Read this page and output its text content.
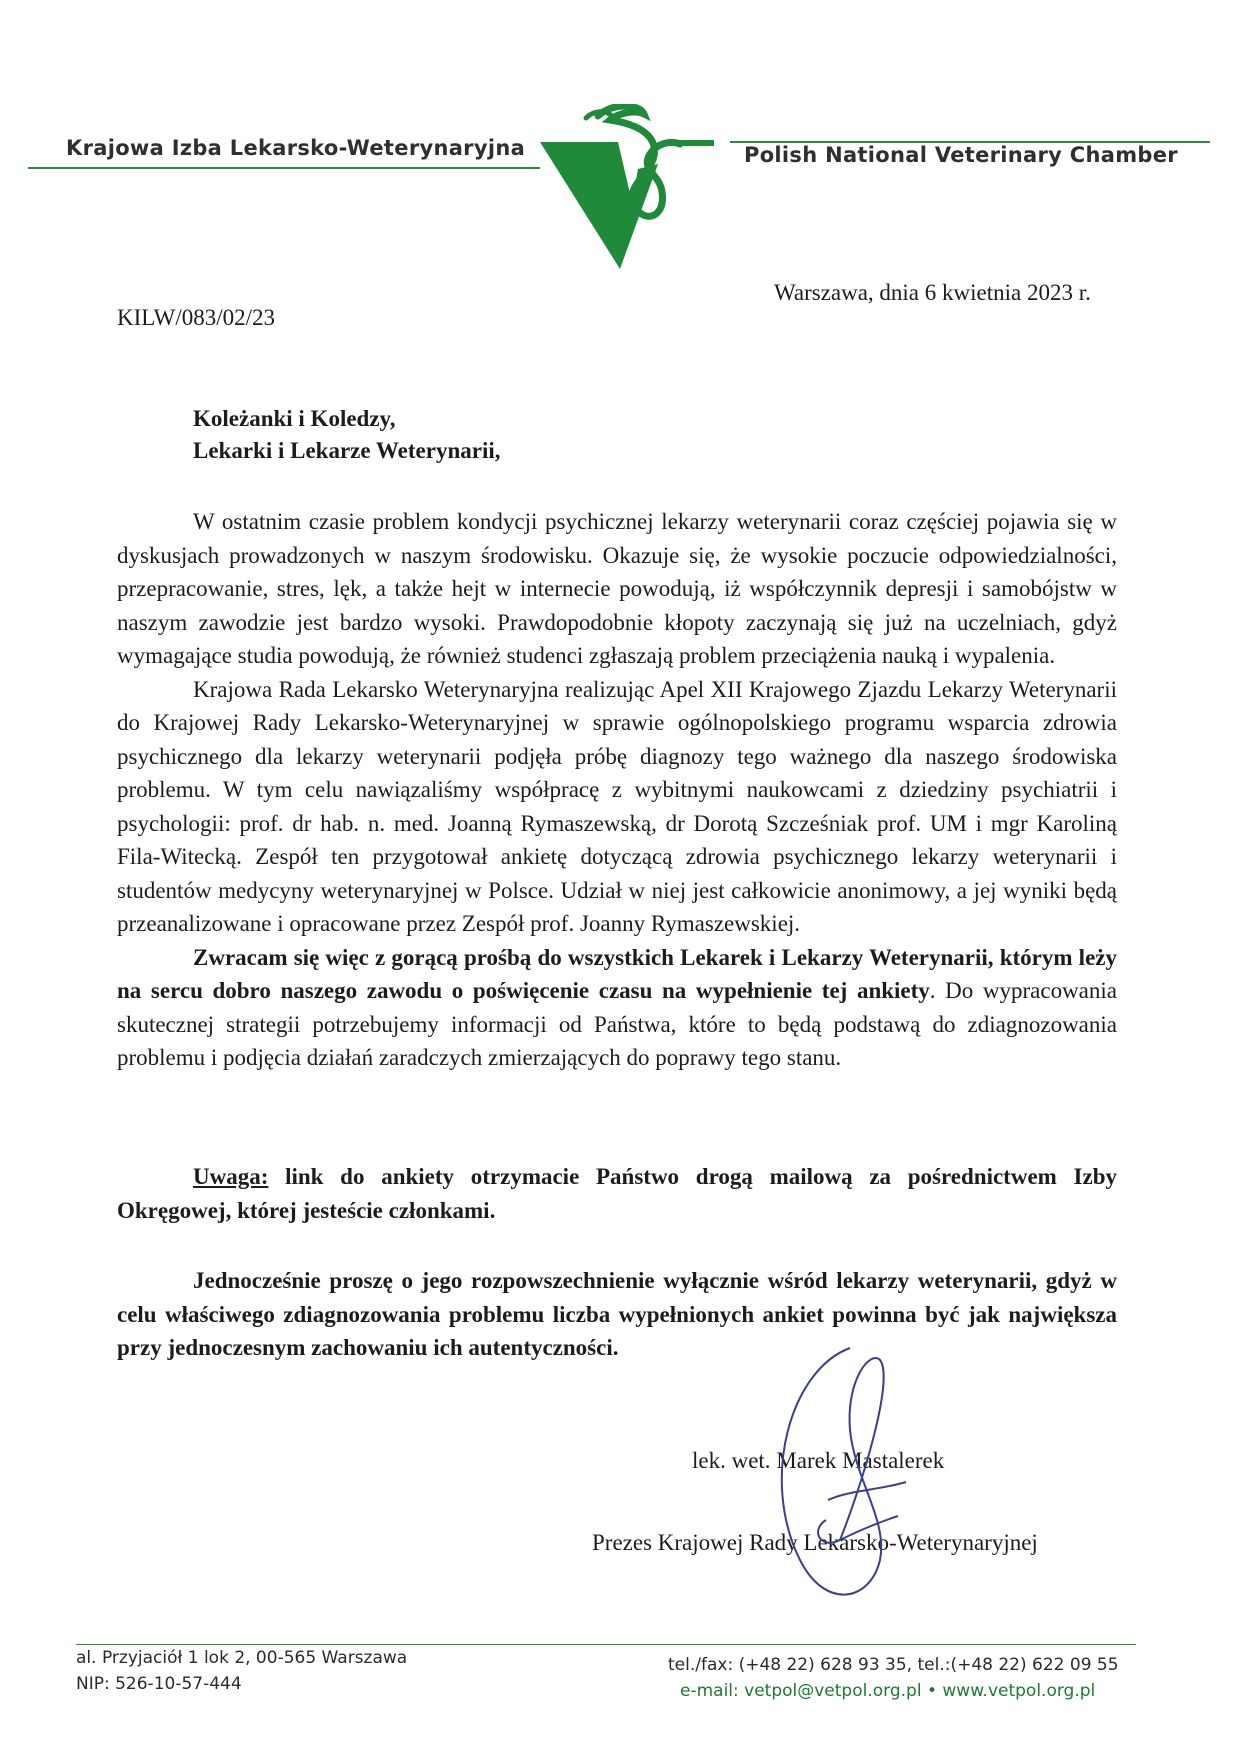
Krajowa Izba Lekarsko-Weterynaryjna	Polish National Veterinary Chamber
Warszawa, dnia 6 kwietnia 2023 r.
KILW/083/02/23
Koleżanki i Koledzy,
Lekarki i Lekarze Weterynarii,

W ostatnim czasie problem kondycji psychicznej lekarzy weterynarii coraz częściej pojawia się w dyskusjach prowadzonych w naszym środowisku. Okazuje się, że wysokie poczucie odpowiedzialności, przepracowanie, stres, lęk, a także hejt w internecie powodują, iż współczynnik depresji i samobójstw w naszym zawodzie jest bardzo wysoki. Prawdopodobnie kłopoty zaczynają się już na uczelniach, gdyż wymagające studia powodują, że również studenci zgłaszają problem przeciążenia nauką i wypalenia.

Krajowa Rada Lekarsko Weterynaryjna realizując Apel XII Krajowego Zjazdu Lekarzy Weterynarii do Krajowej Rady Lekarsko-Weterynaryjnej w sprawie ogólnopolskiego programu wsparcia zdrowia psychicznego dla lekarzy weterynarii podjęła próbę diagnozy tego ważnego dla naszego środowiska problemu. W tym celu nawiązaliśmy współpracę z wybitnymi naukowcami z dziedziny psychiatrii i psychologii: prof. dr hab. n. med. Joanną Rymaszewską, dr Dorotą Szcześniak prof. UM i mgr Karoliną Fila-Witecką. Zespół ten przygotował ankietę dotyczącą zdrowia psychicznego lekarzy weterynarii i studentów medycyny weterynaryjnej w Polsce. Udział w niej jest całkowicie anonimowy, a jej wyniki będą przeanalizowane i opracowane przez Zespół prof. Joanny Rymaszewskiej.

Zwracam się więc z gorącą prośbą do wszystkich Lekarek i Lekarzy Weterynarii, którym leży na sercu dobro naszego zawodu o poświęcenie czasu na wypełnienie tej ankiety. Do wypracowania skutecznej strategii potrzebujemy informacji od Państwa, które to będą podstawą do zdiagnozowania problemu i podjęcia działań zaradczych zmierzających do poprawy tego stanu.

Uwaga: link do ankiety otrzymacie Państwo drogą mailową za pośrednictwem Izby Okręgowej, której jesteście członkami.

Jednocześnie proszę o jego rozpowszechnienie wyłącznie wśród lekarzy weterynarii, gdyż w celu właściwego zdiagnozowania problemu liczba wypełnionych ankiet powinna być jak największa przy jednoczesnym zachowaniu ich autentyczności.

lek. wet. Marek Mastalerek
Prezes Krajowej Rady Lekarsko-Weterynaryjnej
al. Przyjaciół 1 lok 2, 00-565 Warszawa
NIP: 526-10-57-444
tel./fax: (+48 22) 628 93 35, tel.:(+48 22) 622 09 55
e-mail: vetpol@vetpol.org.pl • www.vetpol.org.pl
